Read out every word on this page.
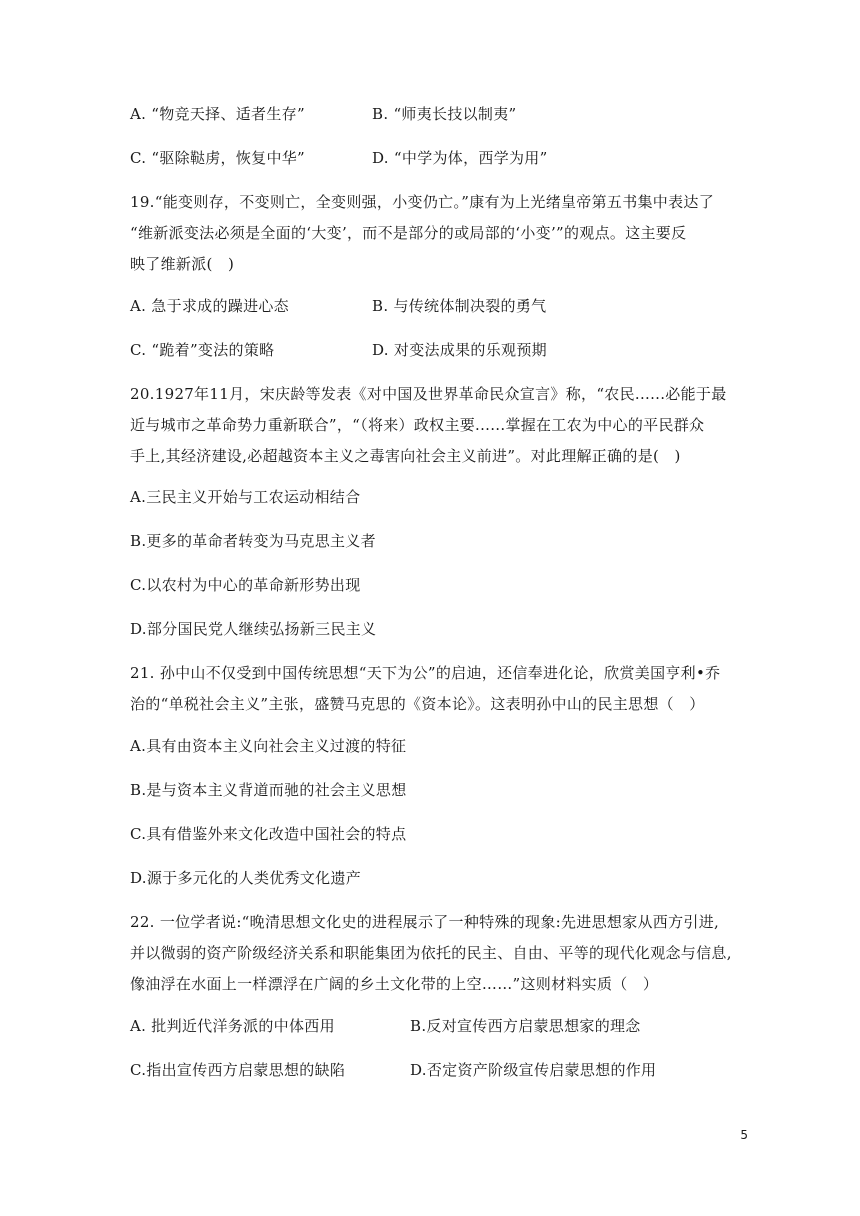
A. “物竞天择、适者生存”	B. “师夷长技以制夷”
C. “驱除鞑虏，恢复中华”	D. “中学为体，西学为用”
19.“能变则存，不变则亡，全变则强，小变仍亡。”康有为上光绪皇帝第五书集中表达了
“维新派变法必须是全面的‘大变’，而不是部分的或局部的‘小变’”的观点。这主要反
映了维新派(　)
A. 急于求成的躁进心态	B. 与传统体制决裂的勇气
C. “跪着”变法的策略	D. 对变法成果的乐观预期
20.1927年11月，宋庆龄等发表《对中国及世界革命民众宣言》称，“农民......必能于最
近与城市之革命势力重新联合”，“（将来）政权主要......掌握在工农为中心的平民群众
手上,其经济建设,必超越资本主义之毒害向社会主义前进”。对此理解正确的是(　)
A.三民主义开始与工农运动相结合
B.更多的革命者转变为马克思主义者
C.以农村为中心的革命新形势出现
D.部分国民党人继续弘扬新三民主义
21. 孙中山不仅受到中国传统思想“天下为公”的启迪，还信奉进化论，欣赏美国亨利•乔
治的“单税社会主义”主张，盛赞马克思的《资本论》。这表明孙中山的民主思想（　）
A.具有由资本主义向社会主义过渡的特征
B.是与资本主义背道而驰的社会主义思想
C.具有借鉴外来文化改造中国社会的特点
D.源于多元化的人类优秀文化遗产
22. 一位学者说:“晚清思想文化史的进程展示了一种特殊的现象:先进思想家从西方引进,
并以微弱的资产阶级经济关系和职能集团为依托的民主、自由、平等的现代化观念与信息,
像油浮在水面上一样漂浮在广阔的乡土文化带的上空……”这则材料实质（　）
A. 批判近代洋务派的中体西用	B.反对宣传西方启蒙思想家的理念
C.指出宣传西方启蒙思想的缺陷	D.否定资产阶级宣传启蒙思想的作用
5
